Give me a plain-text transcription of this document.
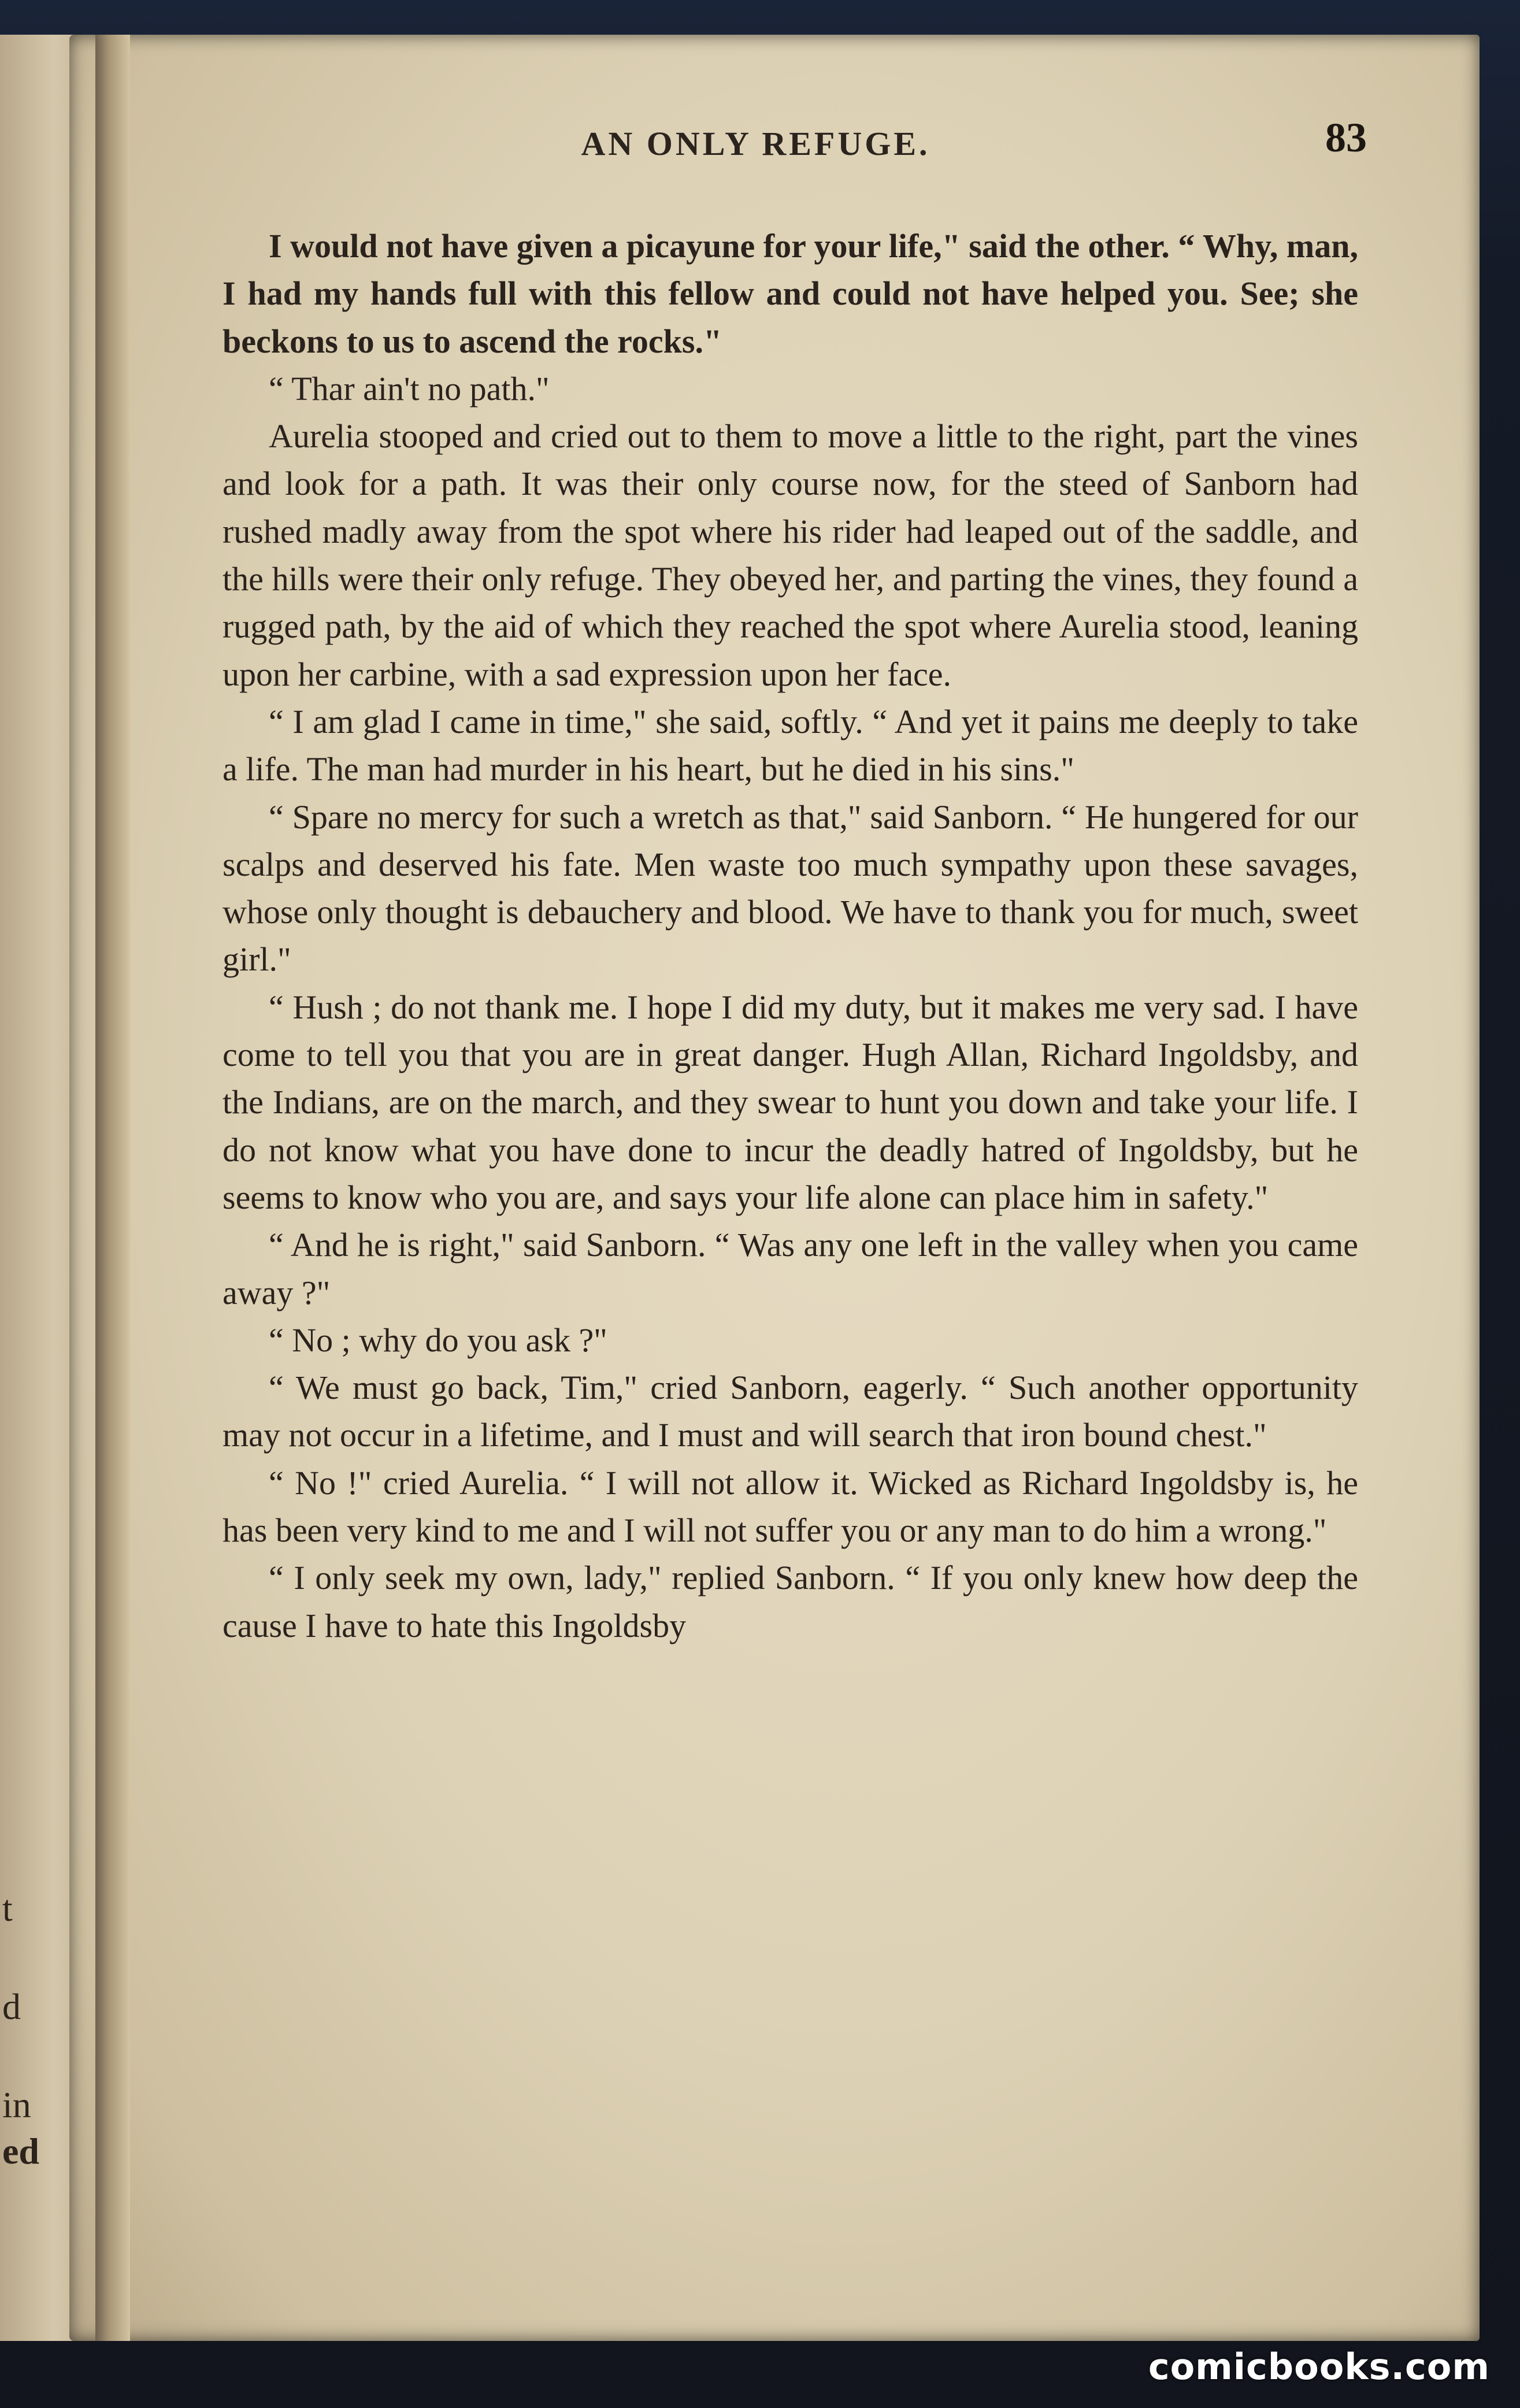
t
d
in
ed
AN ONLY REFUGE.	83

I would not have given a picayune for your life," said the other. “ Why, man, I had my hands full with this fellow and could not have helped you. See; she beckons to us to ascend the rocks."

“ Thar ain't no path."

Aurelia stooped and cried out to them to move a little to the right, part the vines and look for a path. It was their only course now, for the steed of Sanborn had rushed madly away from the spot where his rider had leaped out of the saddle, and the hills were their only refuge. They obeyed her, and parting the vines, they found a rugged path, by the aid of which they reached the spot where Aurelia stood, leaning upon her carbine, with a sad expression upon her face.

“ I am glad I came in time," she said, softly. “ And yet it pains me deeply to take a life. The man had murder in his heart, but he died in his sins."

“ Spare no mercy for such a wretch as that," said Sanborn. “ He hungered for our scalps and deserved his fate. Men waste too much sympathy upon these savages, whose only thought is debauchery and blood. We have to thank you for much, sweet girl."

“ Hush ; do not thank me. I hope I did my duty, but it makes me very sad. I have come to tell you that you are in great danger. Hugh Allan, Richard Ingoldsby, and the Indians, are on the march, and they swear to hunt you down and take your life. I do not know what you have done to incur the deadly hatred of Ingoldsby, but he seems to know who you are, and says your life alone can place him in safety."

“ And he is right," said Sanborn. “ Was any one left in the valley when you came away ?"

“ No ; why do you ask ?"

“ We must go back, Tim," cried Sanborn, eagerly. “ Such another opportunity may not occur in a lifetime, and I must and will search that iron bound chest."

“ No !" cried Aurelia. “ I will not allow it. Wicked as Richard Ingoldsby is, he has been very kind to me and I will not suffer you or any man to do him a wrong."

“ I only seek my own, lady," replied Sanborn. “ If you only knew how deep the cause I have to hate this Ingoldsby

comicbooks.com
